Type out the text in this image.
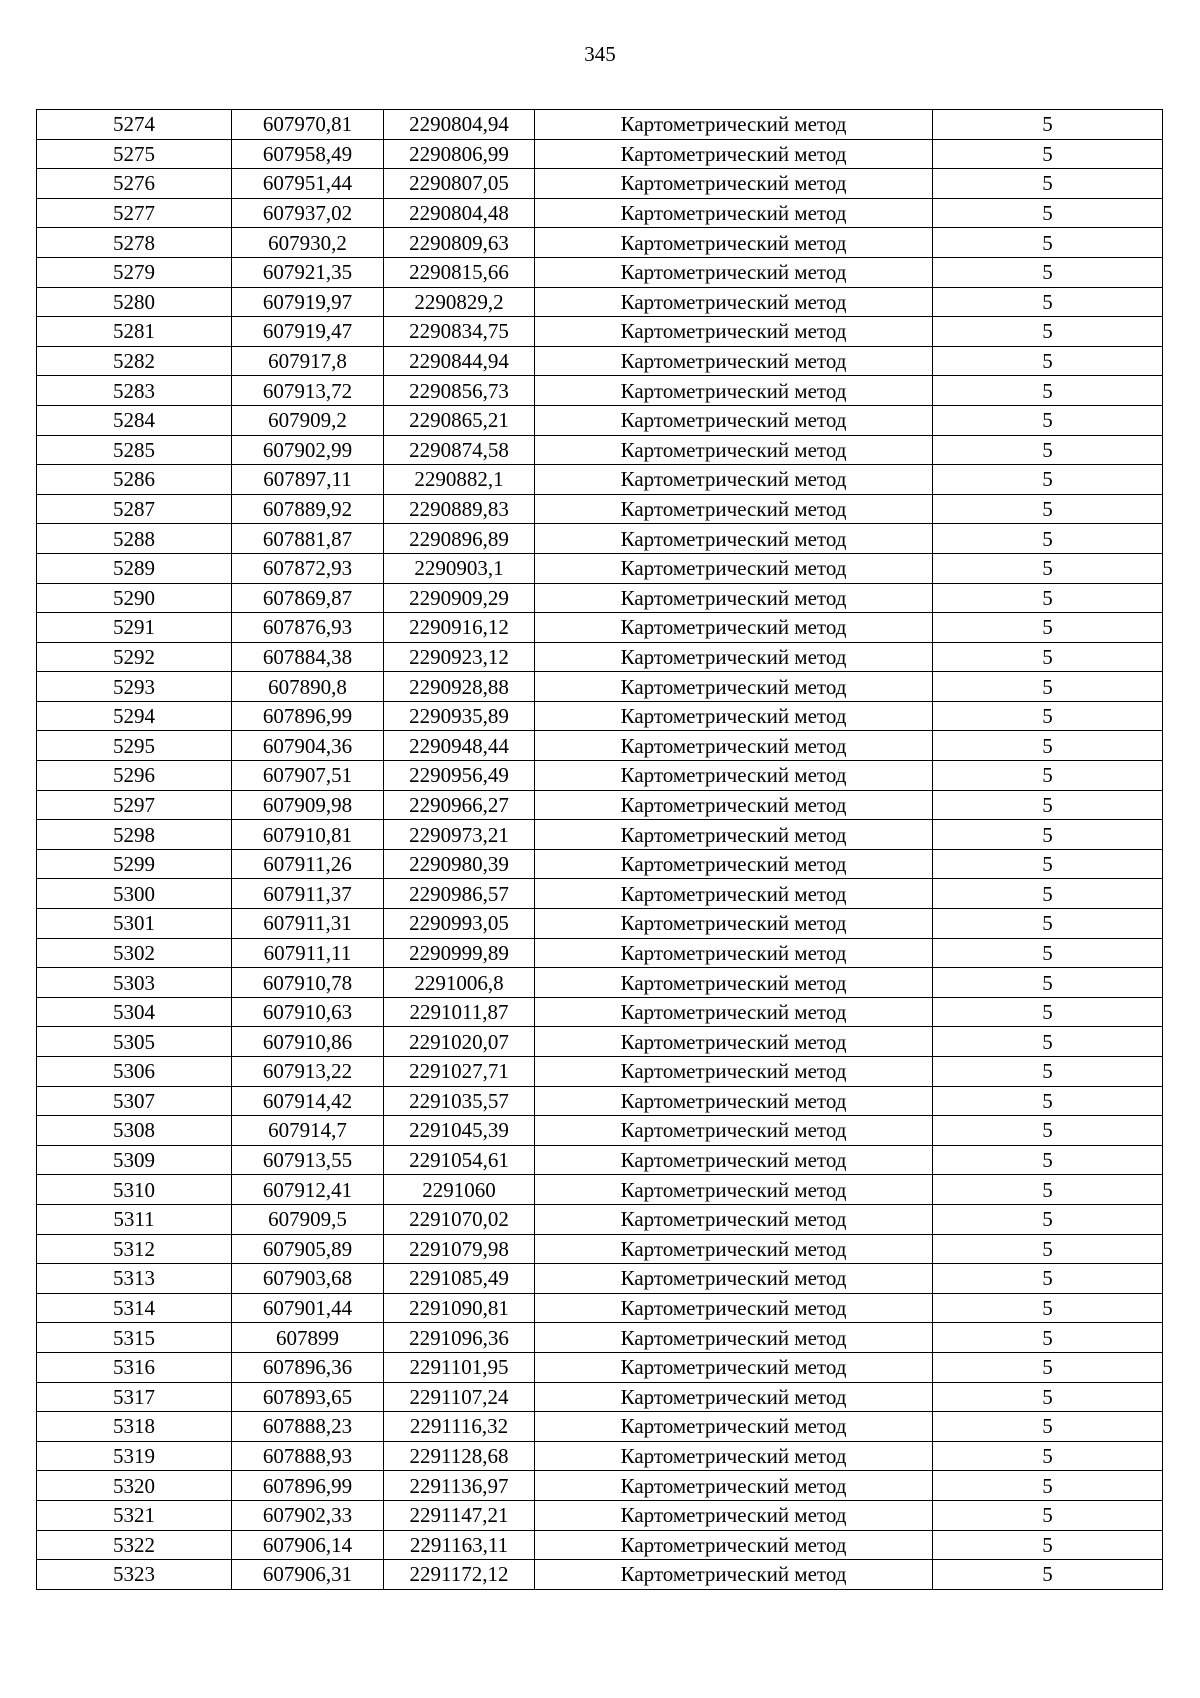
345
5274	607970,81	2290804,94	Картометрический метод	5
5275	607958,49	2290806,99	Картометрический метод	5
5276	607951,44	2290807,05	Картометрический метод	5
5277	607937,02	2290804,48	Картометрический метод	5
5278	607930,2	2290809,63	Картометрический метод	5
5279	607921,35	2290815,66	Картометрический метод	5
5280	607919,97	2290829,2	Картометрический метод	5
5281	607919,47	2290834,75	Картометрический метод	5
5282	607917,8	2290844,94	Картометрический метод	5
5283	607913,72	2290856,73	Картометрический метод	5
5284	607909,2	2290865,21	Картометрический метод	5
5285	607902,99	2290874,58	Картометрический метод	5
5286	607897,11	2290882,1	Картометрический метод	5
5287	607889,92	2290889,83	Картометрический метод	5
5288	607881,87	2290896,89	Картометрический метод	5
5289	607872,93	2290903,1	Картометрический метод	5
5290	607869,87	2290909,29	Картометрический метод	5
5291	607876,93	2290916,12	Картометрический метод	5
5292	607884,38	2290923,12	Картометрический метод	5
5293	607890,8	2290928,88	Картометрический метод	5
5294	607896,99	2290935,89	Картометрический метод	5
5295	607904,36	2290948,44	Картометрический метод	5
5296	607907,51	2290956,49	Картометрический метод	5
5297	607909,98	2290966,27	Картометрический метод	5
5298	607910,81	2290973,21	Картометрический метод	5
5299	607911,26	2290980,39	Картометрический метод	5
5300	607911,37	2290986,57	Картометрический метод	5
5301	607911,31	2290993,05	Картометрический метод	5
5302	607911,11	2290999,89	Картометрический метод	5
5303	607910,78	2291006,8	Картометрический метод	5
5304	607910,63	2291011,87	Картометрический метод	5
5305	607910,86	2291020,07	Картометрический метод	5
5306	607913,22	2291027,71	Картометрический метод	5
5307	607914,42	2291035,57	Картометрический метод	5
5308	607914,7	2291045,39	Картометрический метод	5
5309	607913,55	2291054,61	Картометрический метод	5
5310	607912,41	2291060	Картометрический метод	5
5311	607909,5	2291070,02	Картометрический метод	5
5312	607905,89	2291079,98	Картометрический метод	5
5313	607903,68	2291085,49	Картометрический метод	5
5314	607901,44	2291090,81	Картометрический метод	5
5315	607899	2291096,36	Картометрический метод	5
5316	607896,36	2291101,95	Картометрический метод	5
5317	607893,65	2291107,24	Картометрический метод	5
5318	607888,23	2291116,32	Картометрический метод	5
5319	607888,93	2291128,68	Картометрический метод	5
5320	607896,99	2291136,97	Картометрический метод	5
5321	607902,33	2291147,21	Картометрический метод	5
5322	607906,14	2291163,11	Картометрический метод	5
5323	607906,31	2291172,12	Картометрический метод	5
